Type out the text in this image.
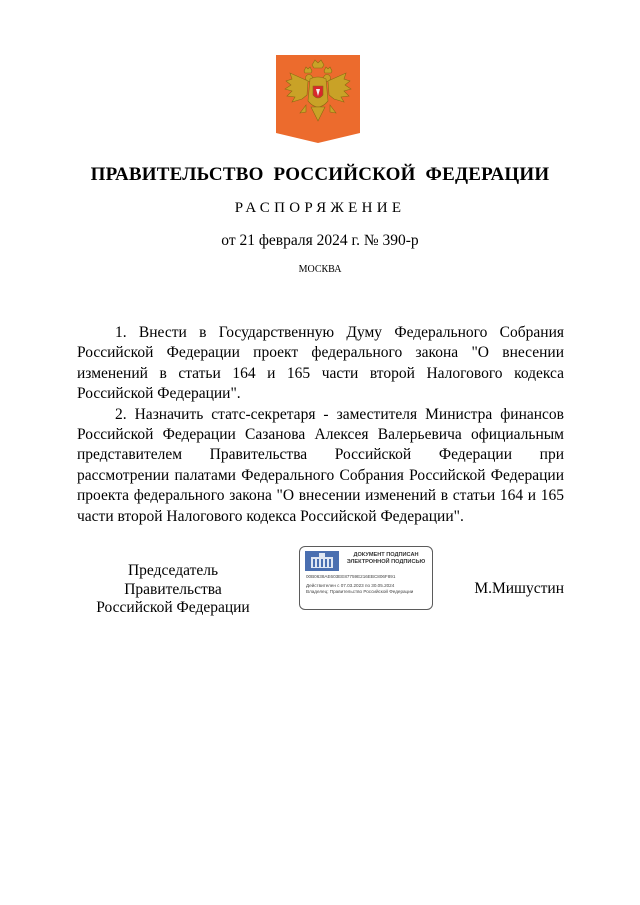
ПРАВИТЕЛЬСТВО РОССИЙСКОЙ ФЕДЕРАЦИИ
РАСПОРЯЖЕНИЕ
от 21 февраля 2024 г. № 390-р
МОСКВА

1. Внести в Государственную Думу Федерального Собрания Российской Федерации проект федерального закона "О внесении изменений в статьи 164 и 165 части второй Налогового кодекса Российской Федерации".

2. Назначить статс-секретаря - заместителя Министра финансов Российской Федерации Сазанова Алексея Валерьевича официальным представителем Правительства Российской Федерации при рассмотрении палатами Федерального Собрания Российской Федерации проекта федерального закона "О внесении изменений в статьи 164 и 165 части второй Налогового кодекса Российской Федерации".

Председатель Правительства
Российской Федерации
ДОКУМЕНТ ПОДПИСАН
ЭЛЕКТРОННОЙ ПОДПИСЬЮ
00B0638AE603EE87759E216EBC806F891
Действителен с 07.03.2023 по 30.05.2024
Владелец: Правительство Российской Федерации	М.Мишустин
